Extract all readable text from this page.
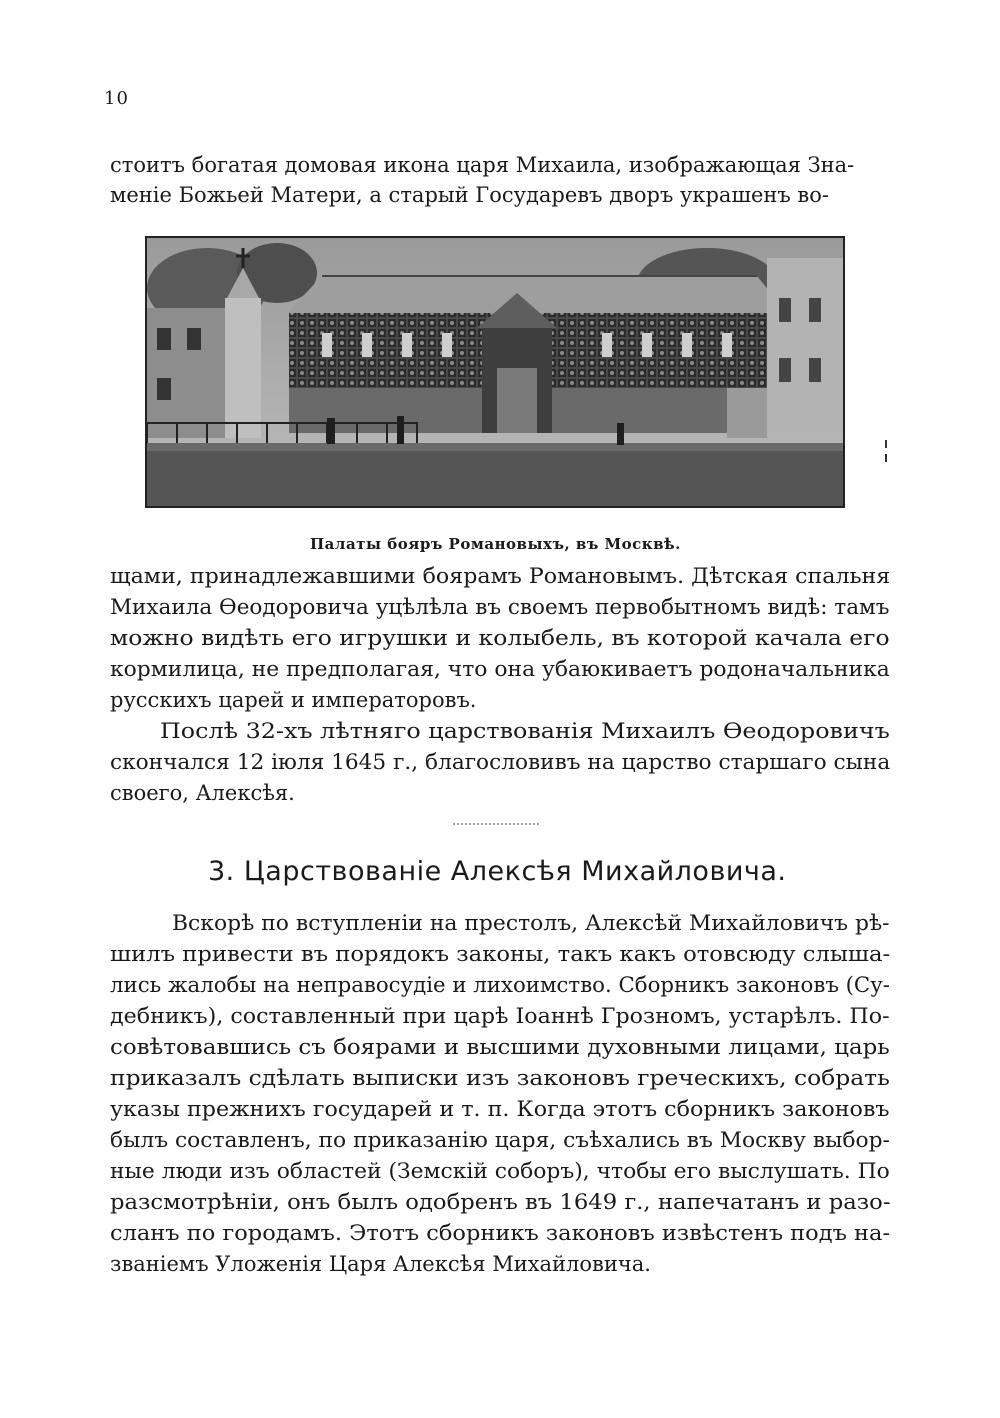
10
стоитъ богатая домовая икона царя Михаила, изображающая Зна-
меніе Божьей Матери, а старый Государевъ дворъ украшенъ во-
Палаты бояръ Романовыхъ, въ Москвѣ.
щами, принадлежавшими боярамъ Романовымъ. Дѣтская спальня
Михаила Ѳеодоровича уцѣлѣла въ своемъ первобытномъ видѣ: тамъ
можно видѣть его игрушки и колыбель, въ которой качала его
кормилица, не предполагая, что она убаюкиваетъ родоначальника
русскихъ царей и императоровъ.
Послѣ 32-хъ лѣтняго царствованія Михаилъ Ѳеодоровичъ
скончался 12 іюля 1645 г., благословивъ на царство старшаго сына
своего, Алексѣя.
3. Царствованіе Алексѣя Михайловича.
Вскорѣ по вступленіи на престолъ, Алексѣй Михайловичъ рѣ-
шилъ привести въ порядокъ законы, такъ какъ отовсюду слыша-
лись жалобы на неправосудіе и лихоимство. Сборникъ законовъ (Су-
дебникъ), составленный при царѣ Іоаннѣ Грозномъ, устарѣлъ. По-
совѣтовавшись съ боярами и высшими духовными лицами, царь
приказалъ сдѣлать выписки изъ законовъ греческихъ, собрать
указы прежнихъ государей и т. п. Когда этотъ сборникъ законовъ
былъ составленъ, по приказанію царя, съѣхались въ Москву выбор-
ные люди изъ областей (Земскій соборъ), чтобы его выслушать. По
разсмотрѣніи, онъ былъ одобренъ въ 1649 г., напечатанъ и разо-
сланъ по городамъ. Этотъ сборникъ законовъ извѣстенъ подъ на-
званіемъ Уложенія Царя Алексѣя Михайловича.
